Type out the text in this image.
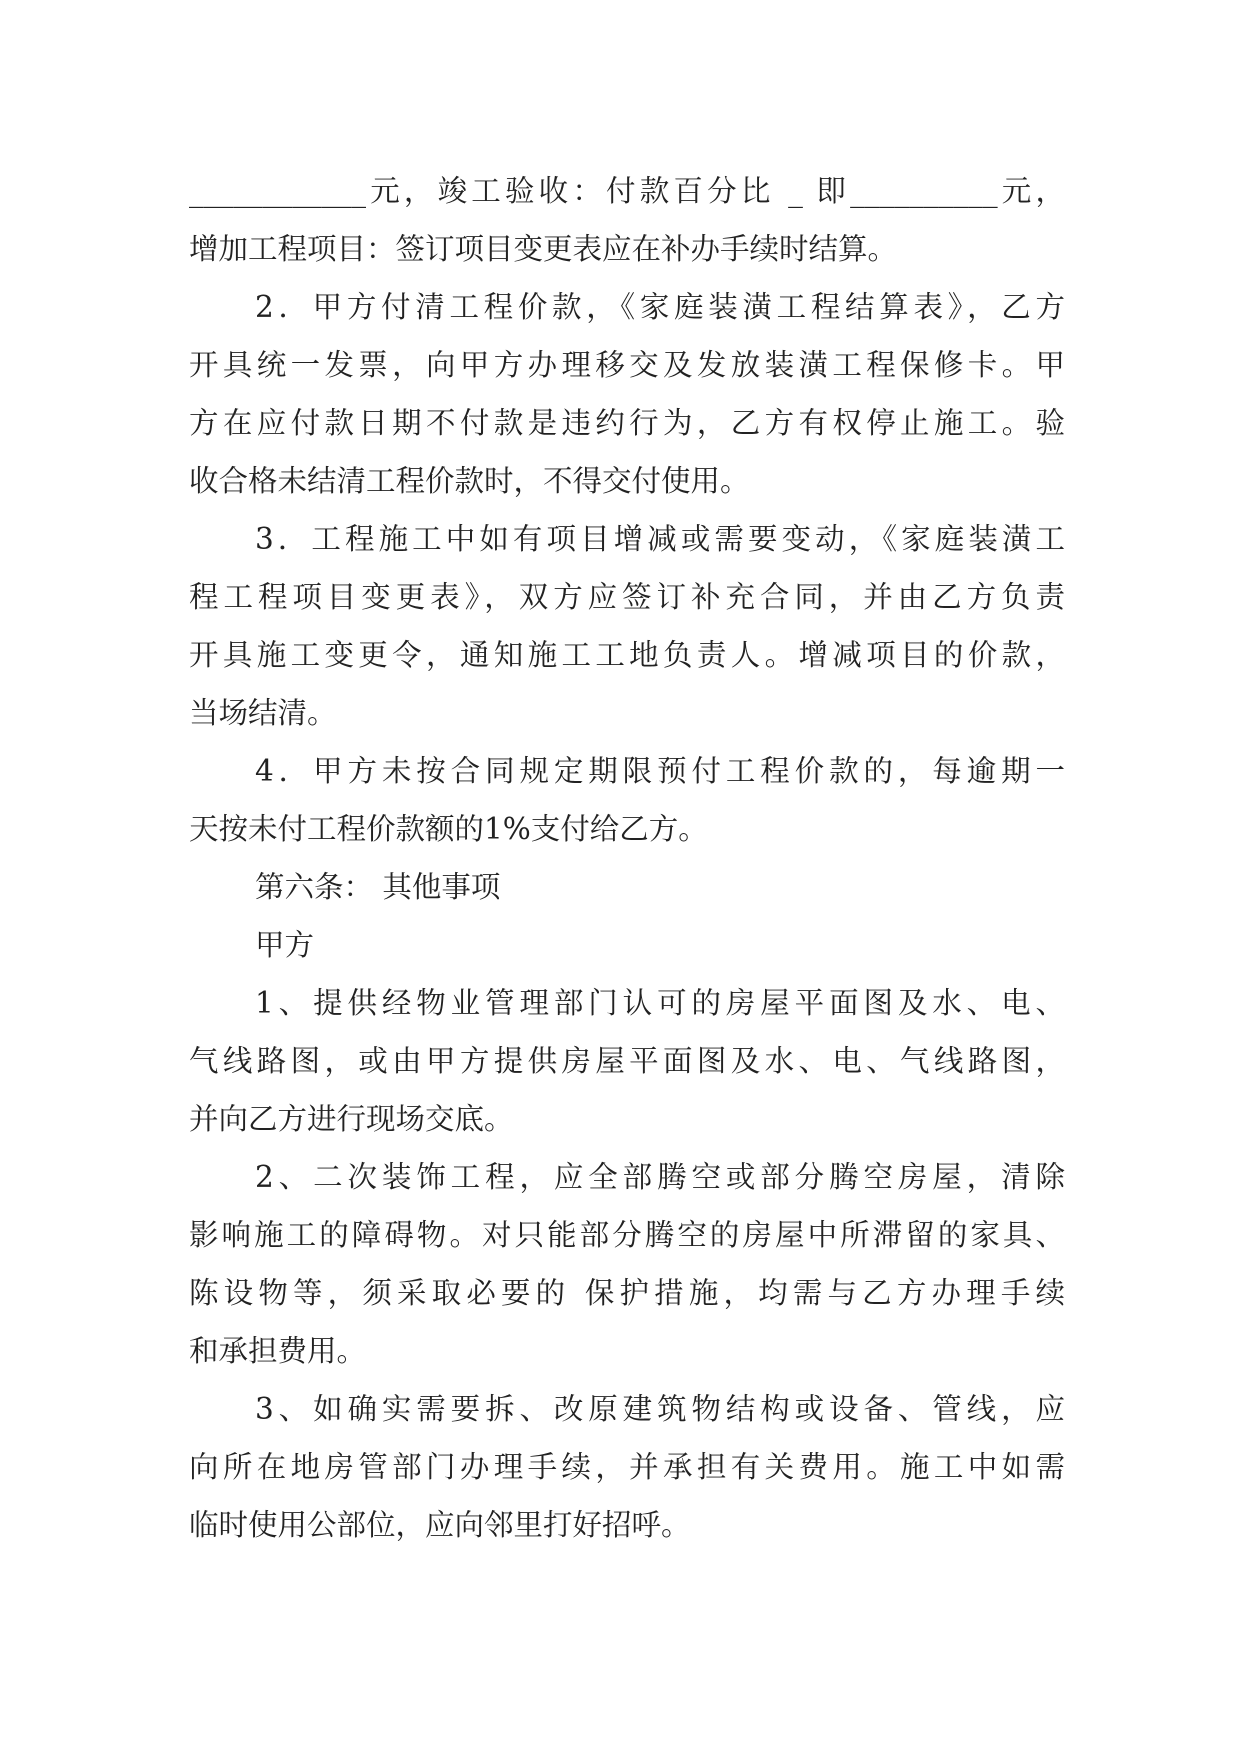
____________元，竣工验收：付款百分比 _ 即__________元，
增加工程项目：签订项目变更表应在补办手续时结算。
2．甲方付清工程价款，《家庭装潢工程结算表》，乙方
开具统一发票，向甲方办理移交及发放装潢工程保修卡。甲
方在应付款日期不付款是违约行为，乙方有权停止施工。验
收合格未结清工程价款时，不得交付使用。
3．工程施工中如有项目增减或需要变动，《家庭装潢工
程工程项目变更表》，双方应签订补充合同，并由乙方负责
开具施工变更令，通知施工工地负责人。增减项目的价款，
当场结清。
4．甲方未按合同规定期限预付工程价款的，每逾期一
天按未付工程价款额的1%支付给乙方。
第六条： 其他事项
甲方
1、提供经物业管理部门认可的房屋平面图及水、电、
气线路图，或由甲方提供房屋平面图及水、电、气线路图，
并向乙方进行现场交底。
2、二次装饰工程，应全部腾空或部分腾空房屋，清除
影响施工的障碍物。对只能部分腾空的房屋中所滞留的家具、
陈设物等，须采取必要的 保护措施，均需与乙方办理手续
和承担费用。
3、如确实需要拆、改原建筑物结构或设备、管线，应
向所在地房管部门办理手续，并承担有关费用。施工中如需
临时使用公部位，应向邻里打好招呼。
